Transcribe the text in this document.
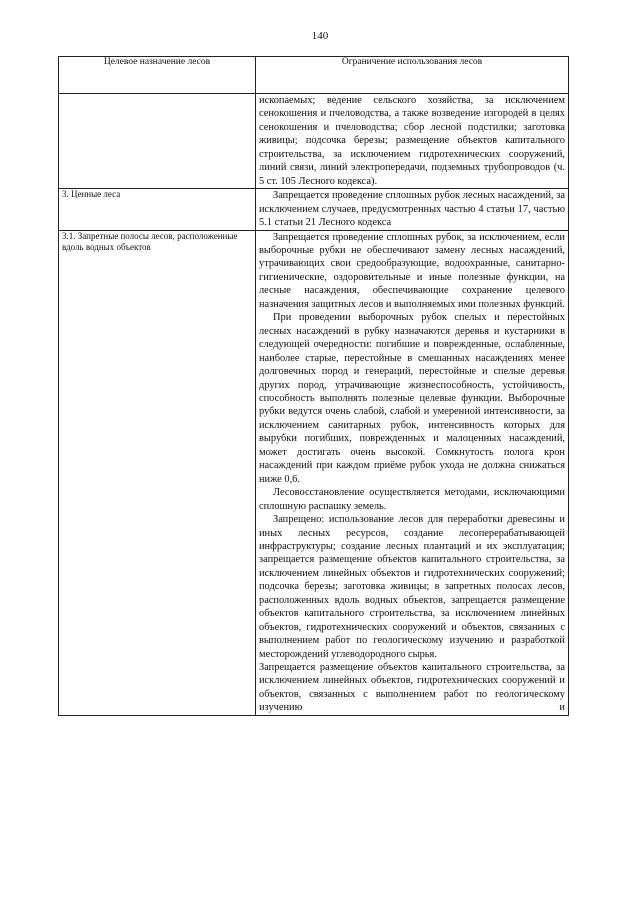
140
Целевое назначение лесов	Ограничение использования лесов

	ископаемых; ведение сельского хозяйства, за исключением сенокошения и пчеловодства, а также возведение изгородей в целях сенокошения и пчеловодства; сбор лесной подстилки; заготовка живицы; подсочка березы; размещение объектов капитального строительства, за исключением гидротехнических сооружений, линий связи, линий электропередачи, подземных трубопроводов (ч. 5 ст. 105 Лесного кодекса).

3. Ценные леса	Запрещается проведение сплошных рубок лесных насаждений, за исключением случаев, предусмотренных частью 4 статьи 17, частью 5.1 статьи 21 Лесного кодекса

3.1. Запретные полосы лесов, расположенные вдоль водных объектов	Запрещается проведение сплошных рубок, за исключением, если выборочные рубки не обеспечивают замену лесных насаждений, утрачивающих свои средообразующие, водоохранные, санитарно-гигиенические, оздоровительные и иные полезные функции, на лесные насаждения, обеспечивающие сохранение целевого назначения защитных лесов и выполняемых ими полезных функций.

При проведении выборочных рубок спелых и перестойных лесных насаждений в рубку назначаются деревья и кустарники в следующей очередности: погибшие и поврежденные, ослабленные, наиболее старые, перестойные в смешанных насаждениях менее долговечных пород и генераций, перестойные и спелые деревья других пород, утрачивающие жизнеспособность, устойчивость, способность выполнять полезные целевые функции. Выборочные рубки ведутся очень слабой, слабой и умеренной интенсивности, за исключением санитарных рубок, интенсивность которых для вырубки погибших, поврежденных и малоценных насаждений, может достигать очень высокой. Сомкнутость полога крон насаждений при каждом приёме рубок ухода не должна снижаться ниже 0,6.

Лесовосстановление осуществляется методами, исключающими сплошную распашку земель.

Запрещено: использование лесов для переработки древесины и иных лесных ресурсов, создание лесоперерабатывающей инфраструктуры; создание лесных плантаций и их эксплуатация; запрещается размещение объектов капитального строительства, за исключением линейных объектов и гидротехнических сооружений; подсочка березы; заготовка живицы; в запретных полосах лесов, расположенных вдоль водных объектов, запрещается размещение объектов капитального строительства, за исключением линейных объектов, гидротехнических сооружений и объектов, связанных с выполнением работ по геологическому изучению и разработкой месторождений углеводородного сырья.

Запрещается размещение объектов капитального строительства, за исключением линейных объектов, гидротехнических сооружений и объектов, связанных с выполнением работ по геологическому изучению и
